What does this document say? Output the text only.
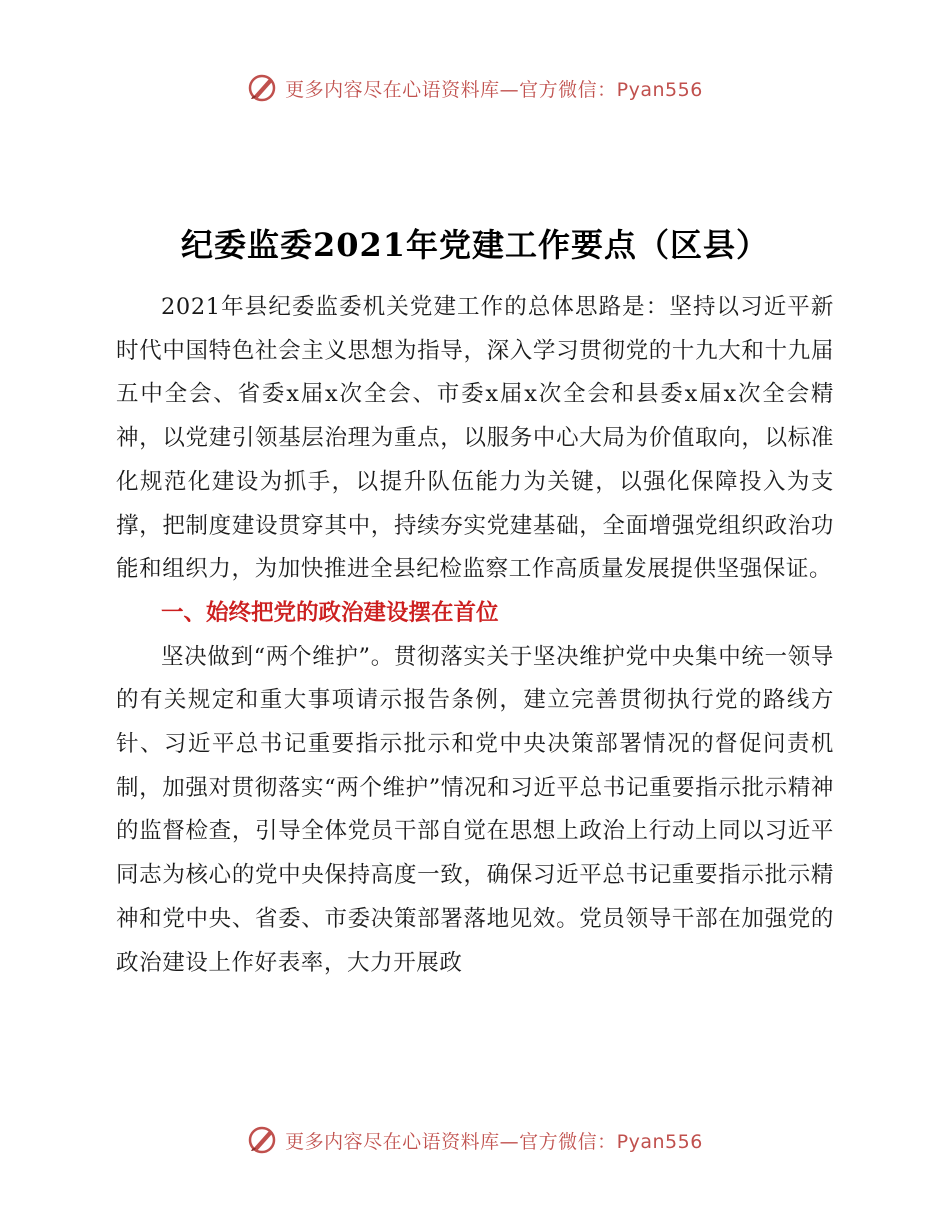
更多内容尽在心语资料库—官方微信：Pyan556
纪委监委2021年党建工作要点（区县）

2021年县纪委监委机关党建工作的总体思路是：坚持以习近平新时代中国特色社会主义思想为指导，深入学习贯彻党的十九大和十九届五中全会、省委x届x次全会、市委x届x次全会和县委x届x次全会精神，以党建引领基层治理为重点，以服务中心大局为价值取向，以标准化规范化建设为抓手，以提升队伍能力为关键，以强化保障投入为支撑，把制度建设贯穿其中，持续夯实党建基础，全面增强党组织政治功能和组织力，为加快推进全县纪检监察工作高质量发展提供坚强保证。

一、始终把党的政治建设摆在首位

坚决做到“两个维护”。贯彻落实关于坚决维护党中央集中统一领导的有关规定和重大事项请示报告条例，建立完善贯彻执行党的路线方针、习近平总书记重要指示批示和党中央决策部署情况的督促问责机制，加强对贯彻落实“两个维护”情况和习近平总书记重要指示批示精神的监督检查，引导全体党员干部自觉在思想上政治上行动上同以习近平同志为核心的党中央保持高度一致，确保习近平总书记重要指示批示精神和党中央、省委、市委决策部署落地见效。党员领导干部在加强党的政治建设上作好表率，大力开展政

更多内容尽在心语资料库—官方微信：Pyan556
